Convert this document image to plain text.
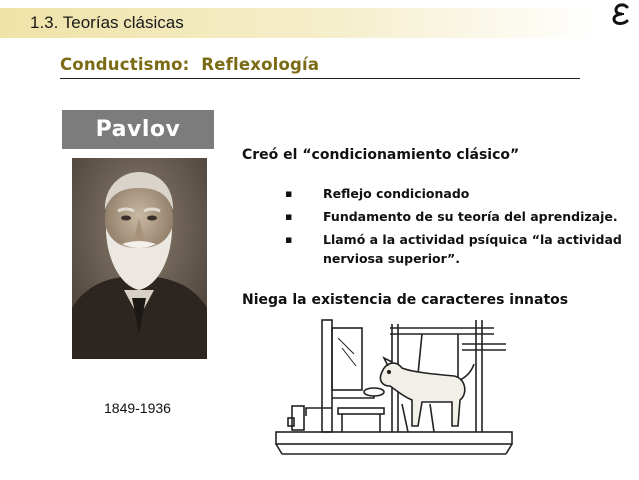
1.3. Teorías clásicas
Conductismo:  Reflexología
Pavlov
1849-1936
Creó el “condicionamiento clásico”
▪ Reflejo condicionado
▪ Fundamento de su teoría del aprendizaje.
▪ Llamó a la actividad psíquica “la actividad nerviosa superior”.
Niega la existencia de caracteres innatos
